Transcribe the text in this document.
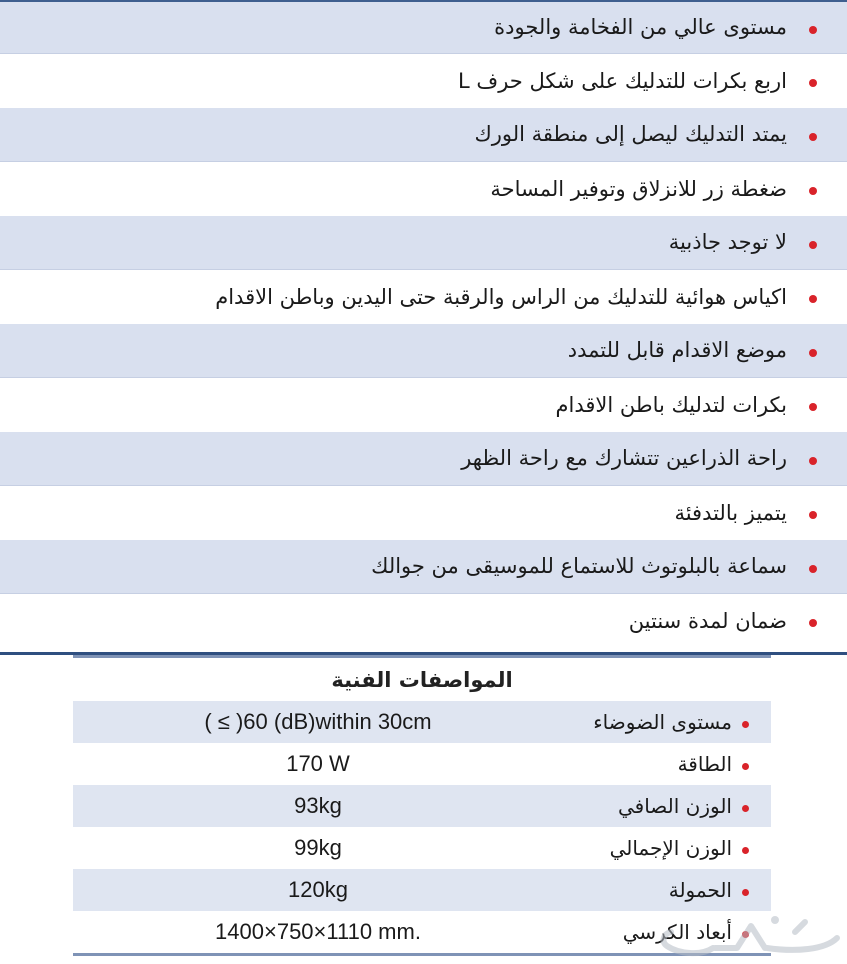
مستوى عالي من الفخامة والجودة
اربع بكرات للتدليك على شكل حرف L
يمتد التدليك ليصل إلى منطقة الورك
ضغطة زر للانزلاق وتوفير المساحة
لا توجد جاذبية
اكياس هوائية للتدليك من الراس والرقبة حتى اليدين وباطن الاقدام
موضع الاقدام قابل للتمدد
بكرات لتدليك باطن الاقدام
راحة الذراعين تتشارك مع راحة الظهر
يتميز بالتدفئة
سماعة بالبلوتوث للاستماع للموسيقى من جوالك
ضمان لمدة سنتين
المواصفات الفنية
( ≤ )60 (dB)within 30cm	مستوى الضوضاء
170 W	الطاقة
93kg	الوزن الصافي
99kg	الوزن الإجمالي
120kg	الحمولة
1400×750×1110 mm.	أبعاد الكرسي
